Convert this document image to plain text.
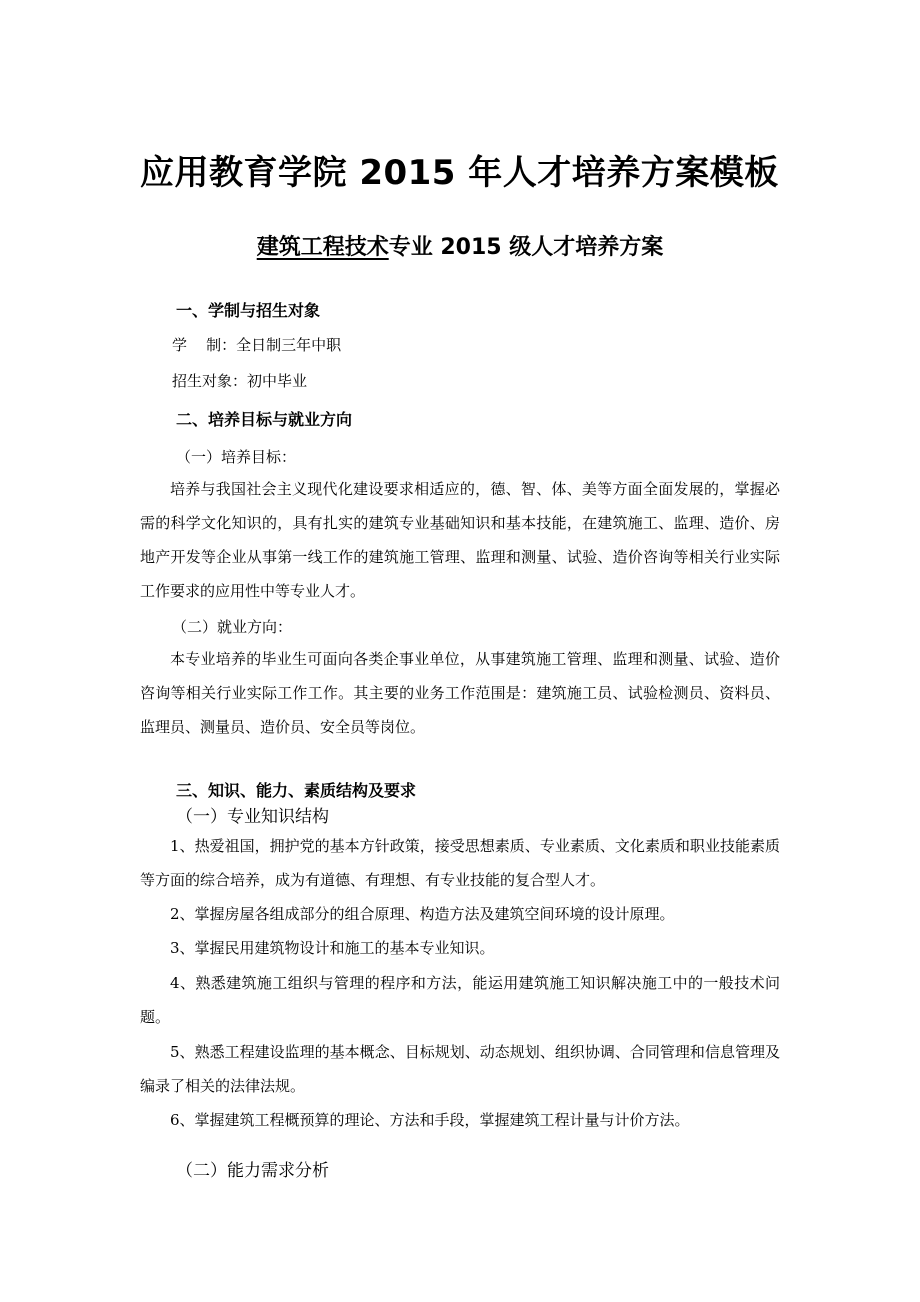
应用教育学院 2015 年人才培养方案模板
建筑工程技术专业 2015 级人才培养方案
一、学制与招生对象
学    制：全日制三年中职
招生对象：初中毕业
二、培养目标与就业方向
（一）培养目标：
培养与我国社会主义现代化建设要求相适应的，德、智、体、美等方面全面发展的，掌握必需的科学文化知识的，具有扎实的建筑专业基础知识和基本技能，在建筑施工、监理、造价、房地产开发等企业从事第一线工作的建筑施工管理、监理和测量、试验、造价咨询等相关行业实际工作要求的应用性中等专业人才。
（二）就业方向：
本专业培养的毕业生可面向各类企事业单位，从事建筑施工管理、监理和测量、试验、造价咨询等相关行业实际工作工作。其主要的业务工作范围是：建筑施工员、试验检测员、资料员、监理员、测量员、造价员、安全员等岗位。
三、知识、能力、素质结构及要求
（一）专业知识结构
1、热爱祖国，拥护党的基本方针政策，接受思想素质、专业素质、文化素质和职业技能素质等方面的综合培养，成为有道德、有理想、有专业技能的复合型人才。
2、掌握房屋各组成部分的组合原理、构造方法及建筑空间环境的设计原理。
3、掌握民用建筑物设计和施工的基本专业知识。
4、熟悉建筑施工组织与管理的程序和方法，能运用建筑施工知识解决施工中的一般技术问题。
5、熟悉工程建设监理的基本概念、目标规划、动态规划、组织协调、合同管理和信息管理及编录了相关的法律法规。
6、掌握建筑工程概预算的理论、方法和手段，掌握建筑工程计量与计价方法。
（二）能力需求分析
